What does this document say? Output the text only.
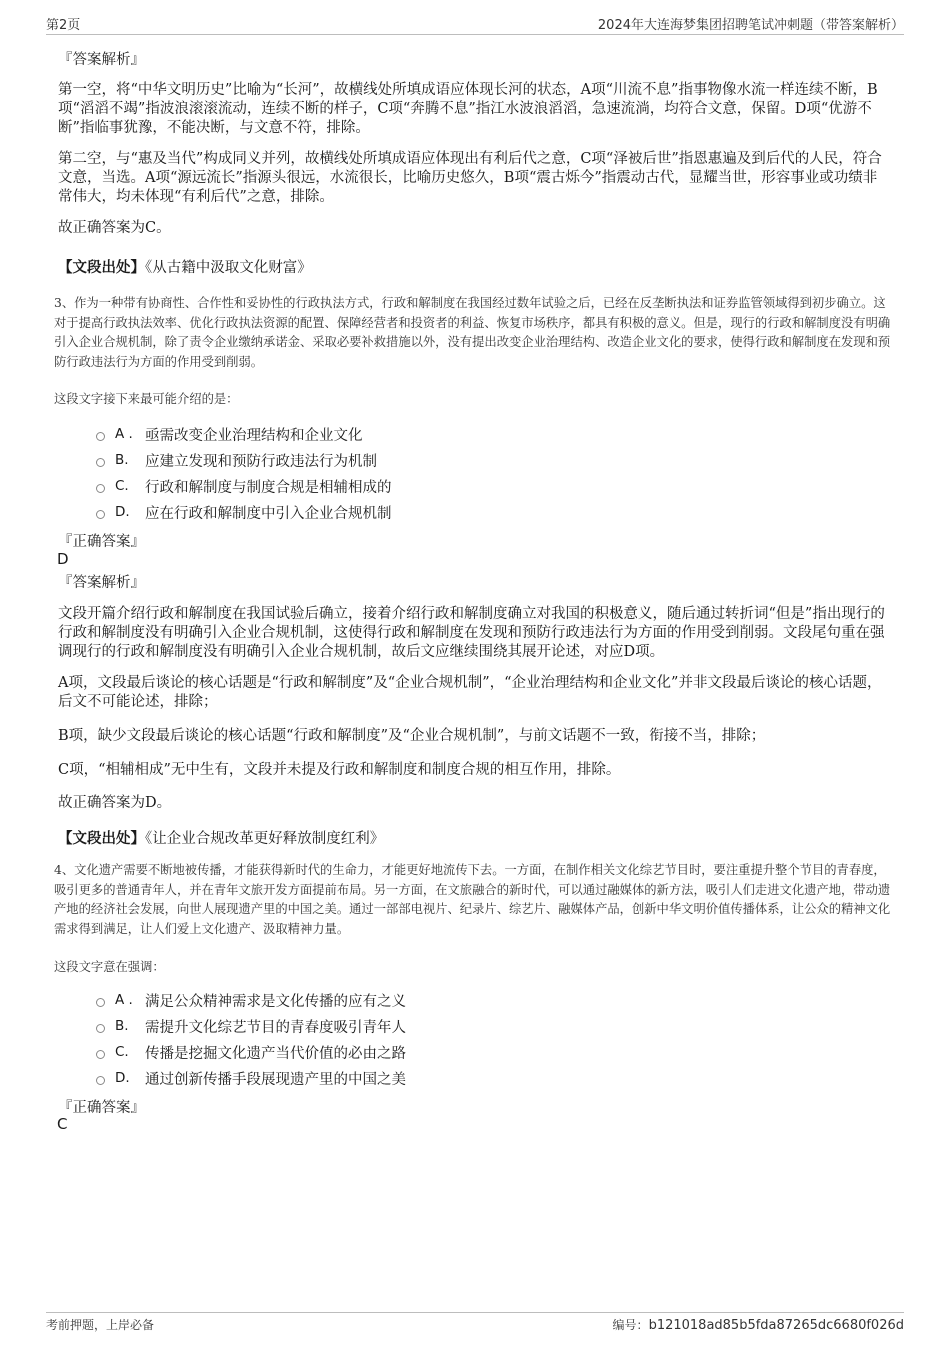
第2页	2024年大连海梦集团招聘笔试冲刺题（带答案解析）
『答案解析』
第一空，将“中华文明历史”比喻为“长河”，故横线处所填成语应体现长河的状态，A项“川流不息”指事物像水流一样连续不断，B项“滔滔不竭”指波浪滚滚流动，连续不断的样子，C项“奔腾不息”指江水波浪滔滔，急速流淌，均符合文意，保留。D项“优游不断”指临事犹豫，不能决断，与文意不符，排除。
第二空，与“惠及当代”构成同义并列，故横线处所填成语应体现出有利后代之意，C项“泽被后世”指恩惠遍及到后代的人民，符合文意，当选。A项“源远流长”指源头很远，水流很长，比喻历史悠久，B项“震古烁今”指震动古代，显耀当世，形容事业或功绩非常伟大，均未体现“有利后代”之意，排除。
故正确答案为C。
【文段出处】《从古籍中汲取文化财富》
3、作为一种带有协商性、合作性和妥协性的行政执法方式，行政和解制度在我国经过数年试验之后，已经在反垄断执法和证券监管领域得到初步确立。这对于提高行政执法效率、优化行政执法资源的配置、保障经营者和投资者的利益、恢复市场秩序，都具有积极的意义。但是，现行的行政和解制度没有明确引入企业合规机制，除了责令企业缴纳承诺金、采取必要补救措施以外，没有提出改变企业治理结构、改造企业文化的要求，使得行政和解制度在发现和预防行政违法行为方面的作用受到削弱。
这段文字接下来最可能介绍的是：
A . 亟需改变企业治理结构和企业文化
B.	应建立发现和预防行政违法行为机制
C.	行政和解制度与制度合规是相辅相成的
D.	应在行政和解制度中引入企业合规机制
『正确答案』
D
『答案解析』
文段开篇介绍行政和解制度在我国试验后确立，接着介绍行政和解制度确立对我国的积极意义，随后通过转折词“但是”指出现行的行政和解制度没有明确引入企业合规机制，这使得行政和解制度在发现和预防行政违法行为方面的作用受到削弱。文段尾句重在强调现行的行政和解制度没有明确引入企业合规机制，故后文应继续围绕其展开论述，对应D项。
A项，文段最后谈论的核心话题是“行政和解制度”及“企业合规机制”，“企业治理结构和企业文化”并非文段最后谈论的核心话题，后文不可能论述，排除；
B项，缺少文段最后谈论的核心话题“行政和解制度”及“企业合规机制”，与前文话题不一致，衔接不当，排除；
C项，“相辅相成”无中生有，文段并未提及行政和解制度和制度合规的相互作用，排除。
故正确答案为D。
【文段出处】《让企业合规改革更好释放制度红利》
4、文化遗产需要不断地被传播，才能获得新时代的生命力，才能更好地流传下去。一方面，在制作相关文化综艺节目时，要注重提升整个节目的青春度，吸引更多的普通青年人，并在青年文旅开发方面提前布局。另一方面，在文旅融合的新时代，可以通过融媒体的新方法，吸引人们走进文化遗产地，带动遗产地的经济社会发展，向世人展现遗产里的中国之美。通过一部部电视片、纪录片、综艺片、融媒体产品，创新中华文明价值传播体系，让公众的精神文化需求得到满足，让人们爱上文化遗产、汲取精神力量。
这段文字意在强调：
A . 满足公众精神需求是文化传播的应有之义
B.	需提升文化综艺节目的青春度吸引青年人
C.	传播是挖掘文化遗产当代价值的必由之路
D.	通过创新传播手段展现遗产里的中国之美
『正确答案』
C
考前押题，上岸必备	编号：b121018ad85b5fda87265dc6680f026d
